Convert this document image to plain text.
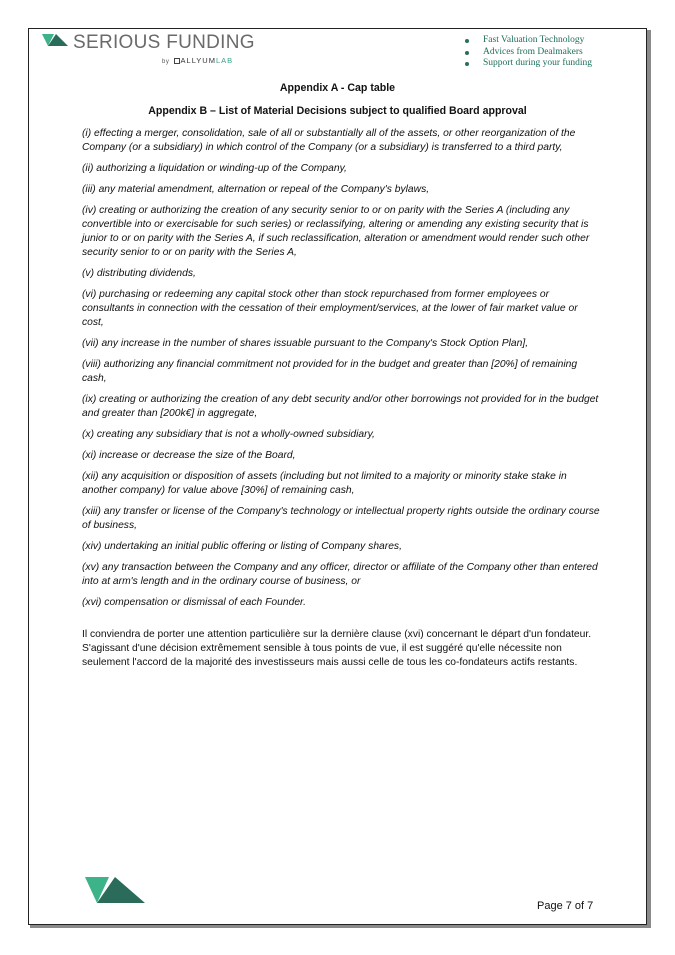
SERIOUS FUNDING
by ALLYUMLAB
Fast Valuation Technology
Advices from Dealmakers
Support during your funding
Appendix A - Cap table
Appendix B – List of Material Decisions subject to qualified Board approval

(i) effecting a merger, consolidation, sale of all or substantially all of the assets, or other reorganization of the Company (or a subsidiary) in which control of the Company (or a subsidiary) is transferred to a third party,

(ii) authorizing a liquidation or winding-up of the Company,

(iii) any material amendment, alternation or repeal of the Company's bylaws,

(iv) creating or authorizing the creation of any security senior to or on parity with the Series A (including any convertible into or exercisable for such series) or reclassifying, altering or amending any existing security that is junior to or on parity with the Series A, if such reclassification, alteration or amendment would render such other security senior to or on parity with the Series A,

(v) distributing dividends,

(vi) purchasing or redeeming any capital stock other than stock repurchased from former employees or consultants in connection with the cessation of their employment/services, at the lower of fair market value or cost,

(vii) any increase in the number of shares issuable pursuant to the Company's Stock Option Plan],

(viii) authorizing any financial commitment not provided for in the budget and greater than [20%] of remaining cash,

(ix) creating or authorizing the creation of any debt security and/or other borrowings not provided for in the budget and greater than [200k€] in aggregate,

(x) creating any subsidiary that is not a wholly-owned subsidiary,

(xi) increase or decrease the size of the Board,

(xii) any acquisition or disposition of assets (including but not limited to a majority or minority stake stake in another company) for value above [30%] of remaining cash,

(xiii) any transfer or license of the Company's technology or intellectual property rights outside the ordinary course of business,

(xiv) undertaking an initial public offering or listing of Company shares,

(xv) any transaction between the Company and any officer, director or affiliate of the Company other than entered into at arm's length and in the ordinary course of business, or

(xvi) compensation or dismissal of each Founder.

Il conviendra de porter une attention particulière sur la dernière clause (xvi) concernant le départ d'un fondateur. S'agissant d'une décision extrêmement sensible à tous points de vue, il est suggéré qu'elle nécessite non seulement l'accord de la majorité des investisseurs mais aussi celle de tous les co-fondateurs actifs restants.

Page 7 of 7
